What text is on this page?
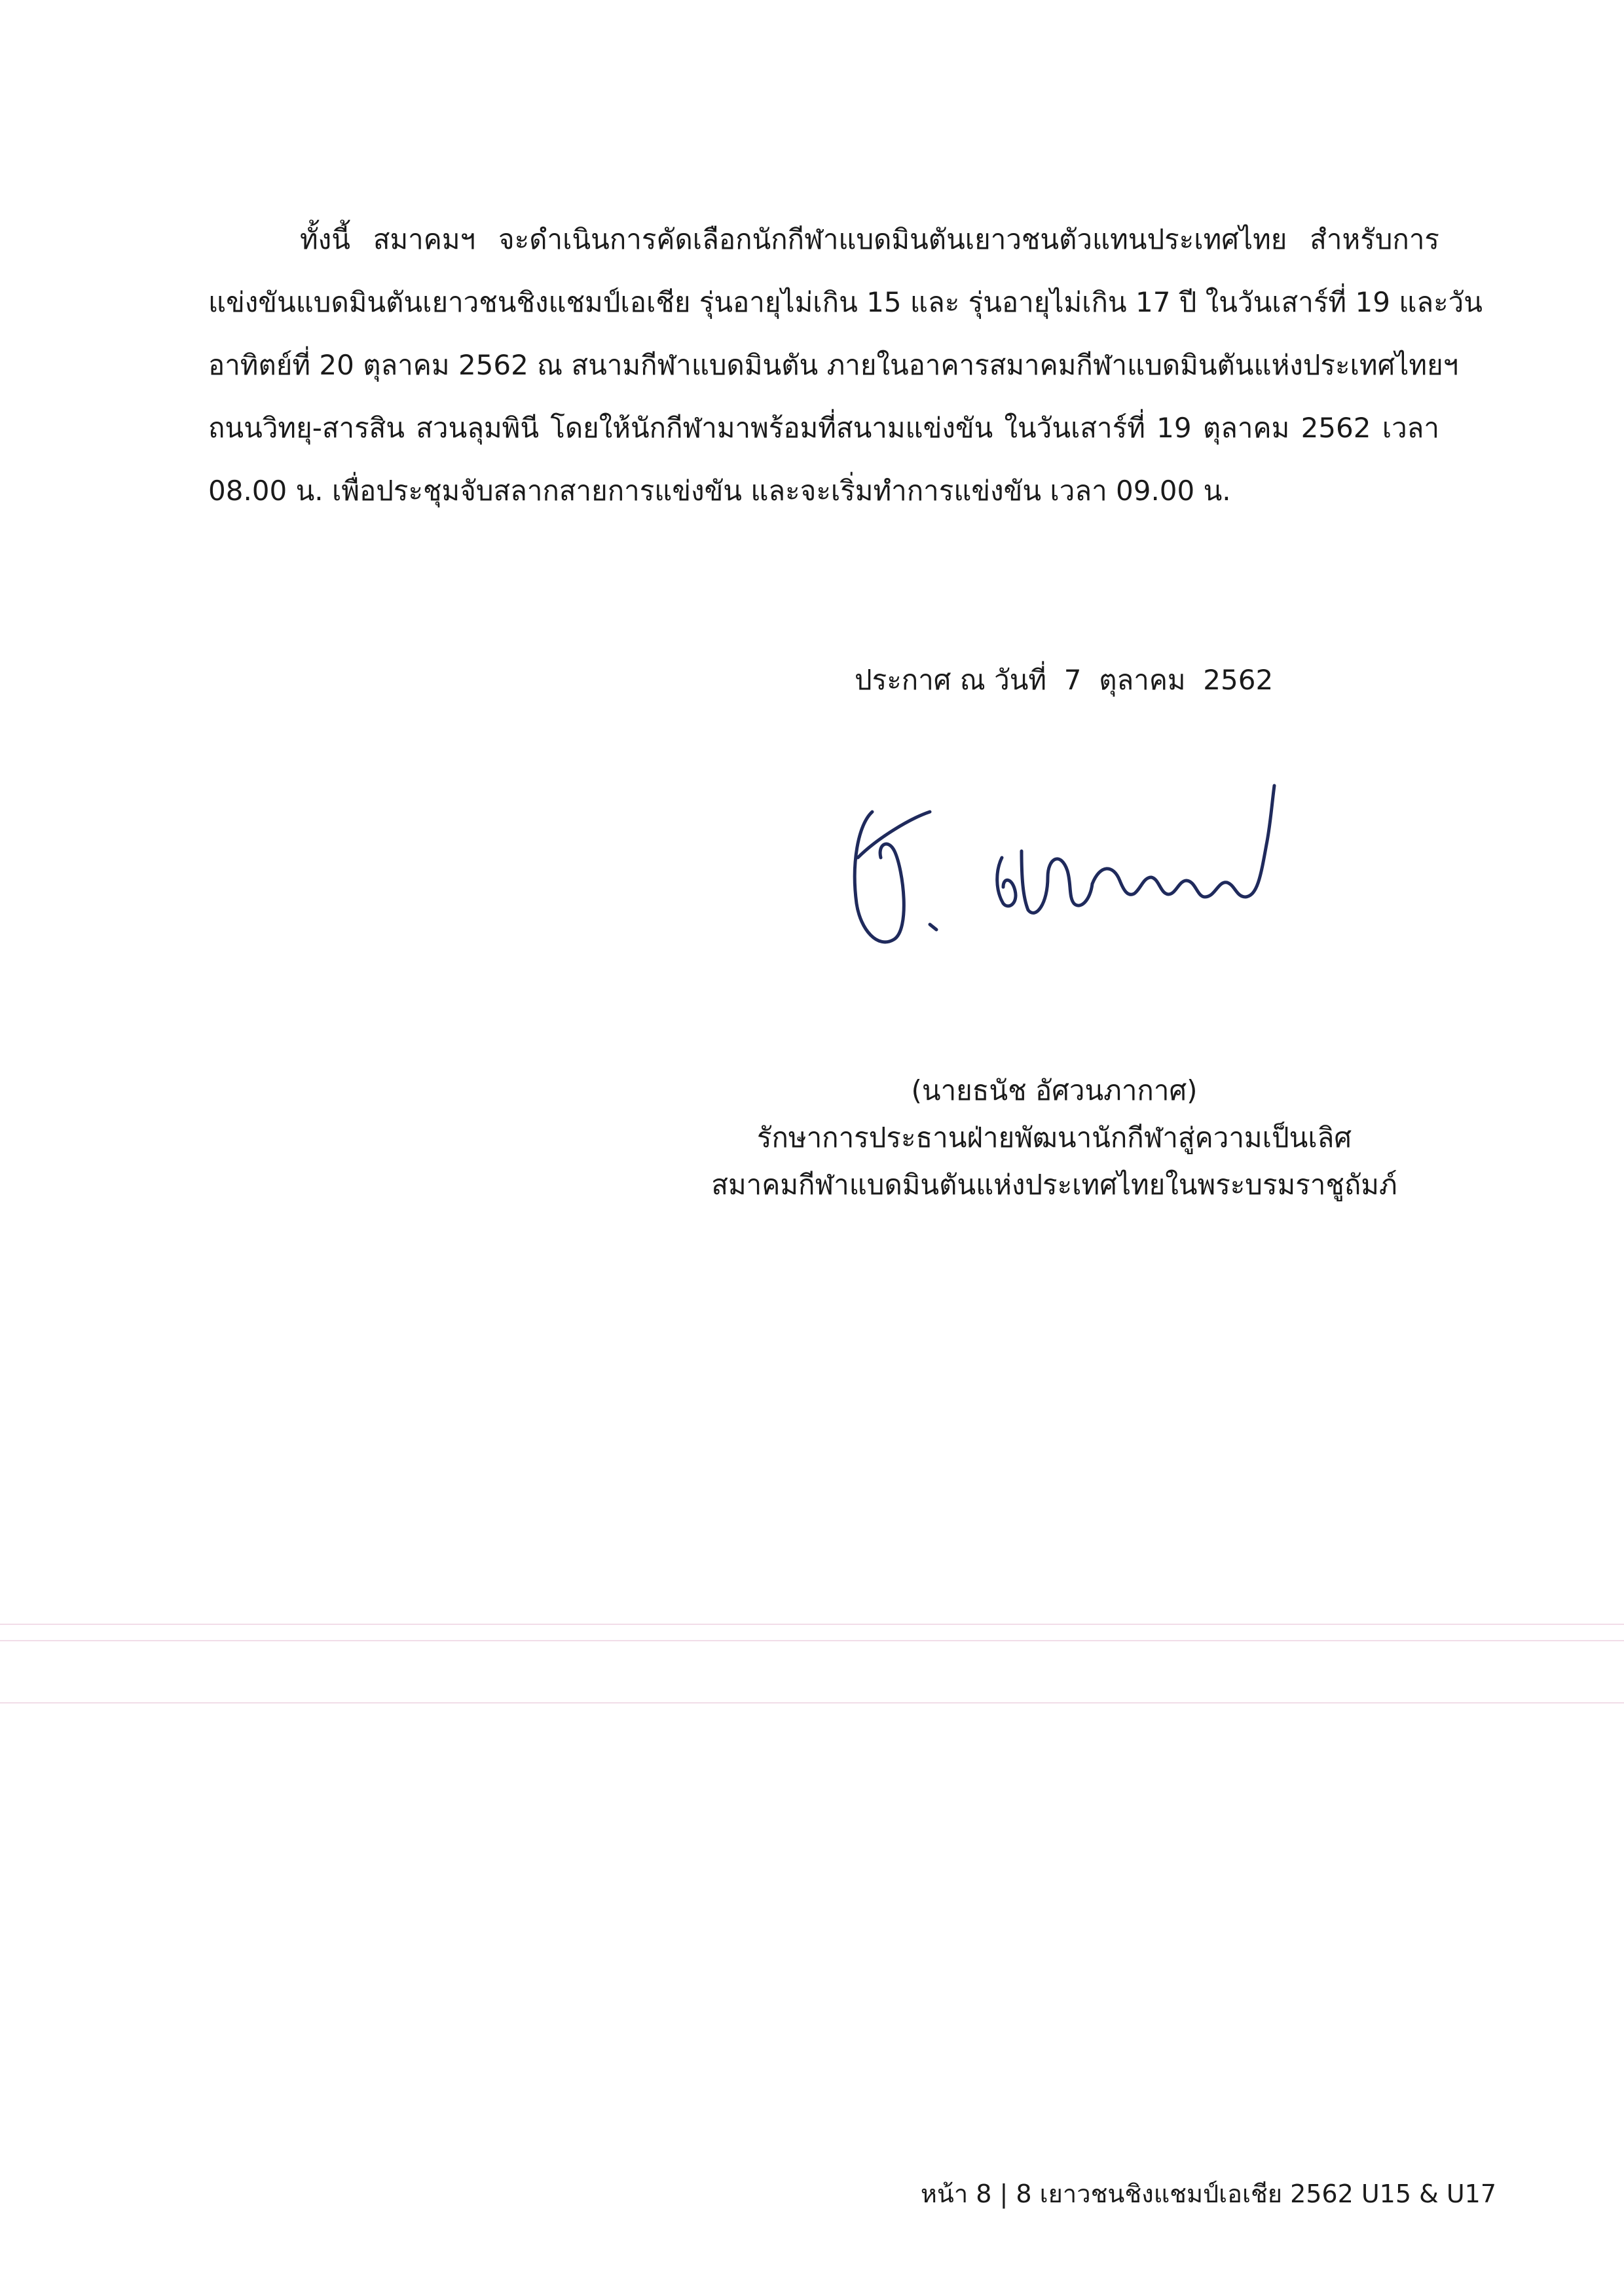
ทั้งนี้ สมาคมฯ จะดำเนินการคัดเลือกนักกีฬาแบดมินตันเยาวชนตัวแทนประเทศไทย สำหรับการ
แข่งขันแบดมินตันเยาวชนชิงแชมป์เอเชีย รุ่นอายุไม่เกิน 15 และ รุ่นอายุไม่เกิน 17 ปี ในวันเสาร์ที่ 19 และวัน
อาทิตย์ที่ 20 ตุลาคม 2562 ณ สนามกีฬาแบดมินตัน ภายในอาคารสมาคมกีฬาแบดมินตันแห่งประเทศไทยฯ
ถนนวิทยุ-สารสิน สวนลุมพินี โดยให้นักกีฬามาพร้อมที่สนามแข่งขัน ในวันเสาร์ที่ 19 ตุลาคม 2562 เวลา
08.00 น. เพื่อประชุมจับสลากสายการแข่งขัน และจะเริ่มทำการแข่งขัน เวลา 09.00 น.
ประกาศ ณ วันที่  7  ตุลาคม  2562
(นายธนัช อัศวนภากาศ)
รักษาการประธานฝ่ายพัฒนานักกีฬาสู่ความเป็นเลิศ
สมาคมกีฬาแบดมินตันแห่งประเทศไทยในพระบรมราชูถัมภ์
หน้า 8 | 8 เยาวชนชิงแชมป์เอเชีย 2562 U15 & U17
